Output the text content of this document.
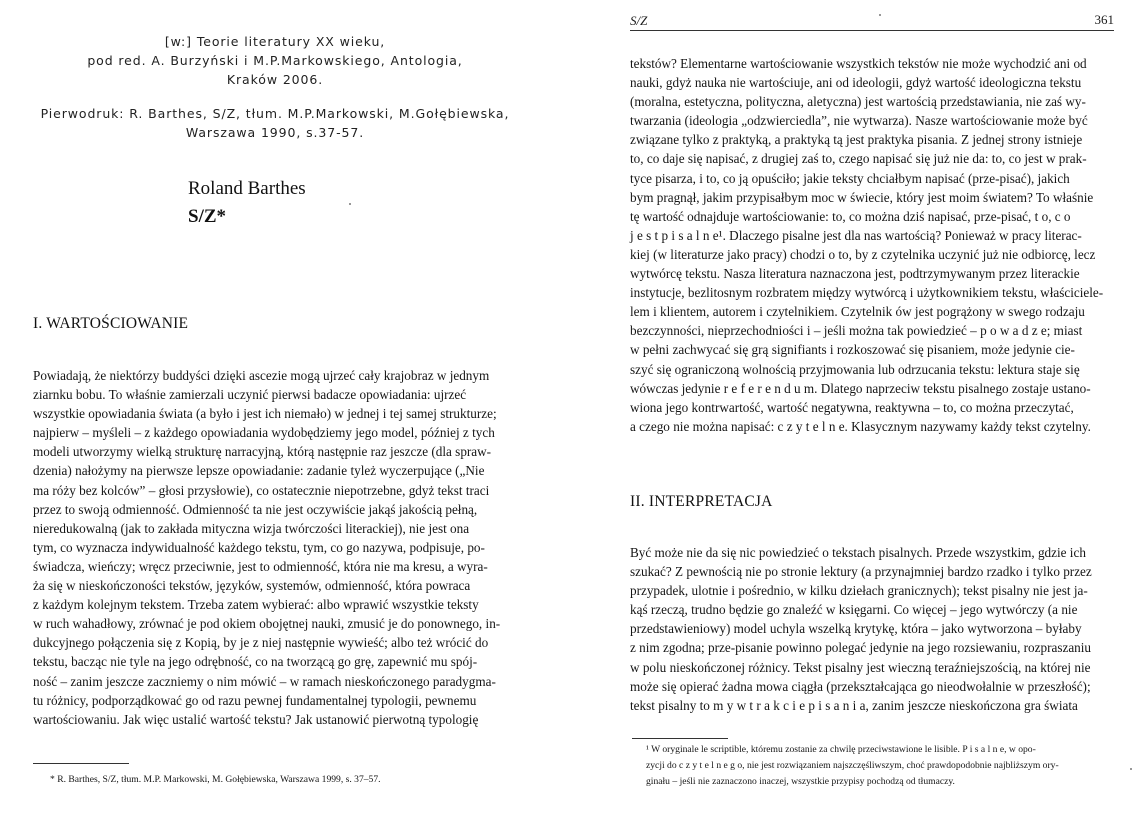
[w:] Teorie literatury XX wieku,
pod red. A. Burzyński i M.P.Markowskiego, Antologia,
Kraków 2006.
Pierwodruk: R. Barthes, S/Z, tłum. M.P.Markowski, M.Gołębiewska,
Warszawa 1990, s.37-57.
Roland Barthes
S/Z*
I. WARTOŚCIOWANIE
Powiadają, że niektórzy buddyści dzięki ascezie mogą ujrzeć cały krajobraz w jednym
ziarnku bobu. To właśnie zamierzali uczynić pierwsi badacze opowiadania: ujrzeć
wszystkie opowiadania świata (a było i jest ich niemało) w jednej i tej samej strukturze;
najpierw – myśleli – z każdego opowiadania wydobędziemy jego model, później z tych
modeli utworzymy wielką strukturę narracyjną, którą następnie raz jeszcze (dla spraw-
dzenia) nałożymy na pierwsze lepsze opowiadanie: zadanie tyleż wyczerpujące („Nie
ma róży bez kolców” – głosi przysłowie), co ostatecznie niepotrzebne, gdyż tekst traci
przez to swoją odmienność. Odmienność ta nie jest oczywiście jakąś jakością pełną,
nieredukowalną (jak to zakłada mityczna wizja twórczości literackiej), nie jest ona
tym, co wyznacza indywidualność każdego tekstu, tym, co go nazywa, podpisuje, po-
świadcza, wieńczy; wręcz przeciwnie, jest to odmienność, która nie ma kresu, a wyra-
ża się w nieskończoności tekstów, języków, systemów, odmienność, która powraca
z każdym kolejnym tekstem. Trzeba zatem wybierać: albo wprawić wszystkie teksty
w ruch wahadłowy, zrównać je pod okiem obojętnej nauki, zmusić je do ponownego, in-
dukcyjnego połączenia się z Kopią, by je z niej następnie wywieść; albo też wrócić do
tekstu, bacząc nie tyle na jego odrębność, co na tworzącą go grę, zapewnić mu spój-
ność – zanim jeszcze zaczniemy o nim mówić – w ramach nieskończonego paradygma-
tu różnicy, podporządkować go od razu pewnej fundamentalnej typologii, pewnemu
wartościowaniu. Jak więc ustalić wartość tekstu? Jak ustanowić pierwotną typologię
* R. Barthes, S/Z, tłum. M.P. Markowski, M. Gołębiewska, Warszawa 1999, s. 37–57.
S/Z	361
tekstów? Elementarne wartościowanie wszystkich tekstów nie może wychodzić ani od
nauki, gdyż nauka nie wartościuje, ani od ideologii, gdyż wartość ideologiczna tekstu
(moralna, estetyczna, polityczna, aletyczna) jest wartością przedstawiania, nie zaś wy-
twarzania (ideologia „odzwierciedla”, nie wytwarza). Nasze wartościowanie może być
związane tylko z praktyką, a praktyką tą jest praktyka pisania. Z jednej strony istnieje
to, co daje się napisać, z drugiej zaś to, czego napisać się już nie da: to, co jest w prak-
tyce pisarza, i to, co ją opuściło; jakie teksty chciałbym napisać (prze-pisać), jakich
bym pragnął, jakim przypisałbym moc w świecie, który jest moim światem? To właśnie
tę wartość odnajduje wartościowanie: to, co można dziś napisać, prze-pisać, t o, c o
j e s t p i s a l n e¹. Dlaczego pisalne jest dla nas wartością? Ponieważ w pracy literac-
kiej (w literaturze jako pracy) chodzi o to, by z czytelnika uczynić już nie odbiorcę, lecz
wytwórcę tekstu. Nasza literatura naznaczona jest, podtrzymywanym przez literackie
instytucje, bezlitosnym rozbratem między wytwórcą i użytkownikiem tekstu, właściciele-
lem i klientem, autorem i czytelnikiem. Czytelnik ów jest pogrążony w swego rodzaju
bezczynności, nieprzechodniości i – jeśli można tak powiedzieć – p o w a d z e; miast
w pełni zachwycać się grą signifiants i rozkoszować się pisaniem, może jedynie cie-
szyć się ograniczoną wolnością przyjmowania lub odrzucania tekstu: lektura staje się
wówczas jedynie r e f e r e n d u m. Dlatego naprzeciw tekstu pisalnego zostaje ustano-
wiona jego kontrwartość, wartość negatywna, reaktywna – to, co można przeczytać,
a czego nie można napisać: c z y t e l n e. Klasycznym nazywamy każdy tekst czytelny.
II. INTERPRETACJA
Być może nie da się nic powiedzieć o tekstach pisalnych. Przede wszystkim, gdzie ich
szukać? Z pewnością nie po stronie lektury (a przynajmniej bardzo rzadko i tylko przez
przypadek, ulotnie i pośrednio, w kilku dziełach granicznych); tekst pisalny nie jest ja-
kąś rzeczą, trudno będzie go znaleźć w księgarni. Co więcej – jego wytwórczy (a nie
przedstawieniowy) model uchyla wszelką krytykę, która – jako wytworzona – byłaby
z nim zgodna; prze-pisanie powinno polegać jedynie na jego rozsiewaniu, rozpraszaniu
w polu nieskończonej różnicy. Tekst pisalny jest wieczną teraźniejszością, na której nie
może się opierać żadna mowa ciągła (przekształcająca go nieodwołalnie w przeszłość);
tekst pisalny to m y w t r a k c i e p i s a n i a, zanim jeszcze nieskończona gra świata
¹ W oryginale le scriptible, któremu zostanie za chwilę przeciwstawione le lisible. P i s a l n e, w opo-
zycji do c z y t e l n e g o, nie jest rozwiązaniem najszczęśliwszym, choć prawdopodobnie najbliższym ory-
ginału – jeśli nie zaznaczono inaczej, wszystkie przypisy pochodzą od tłumaczy.
